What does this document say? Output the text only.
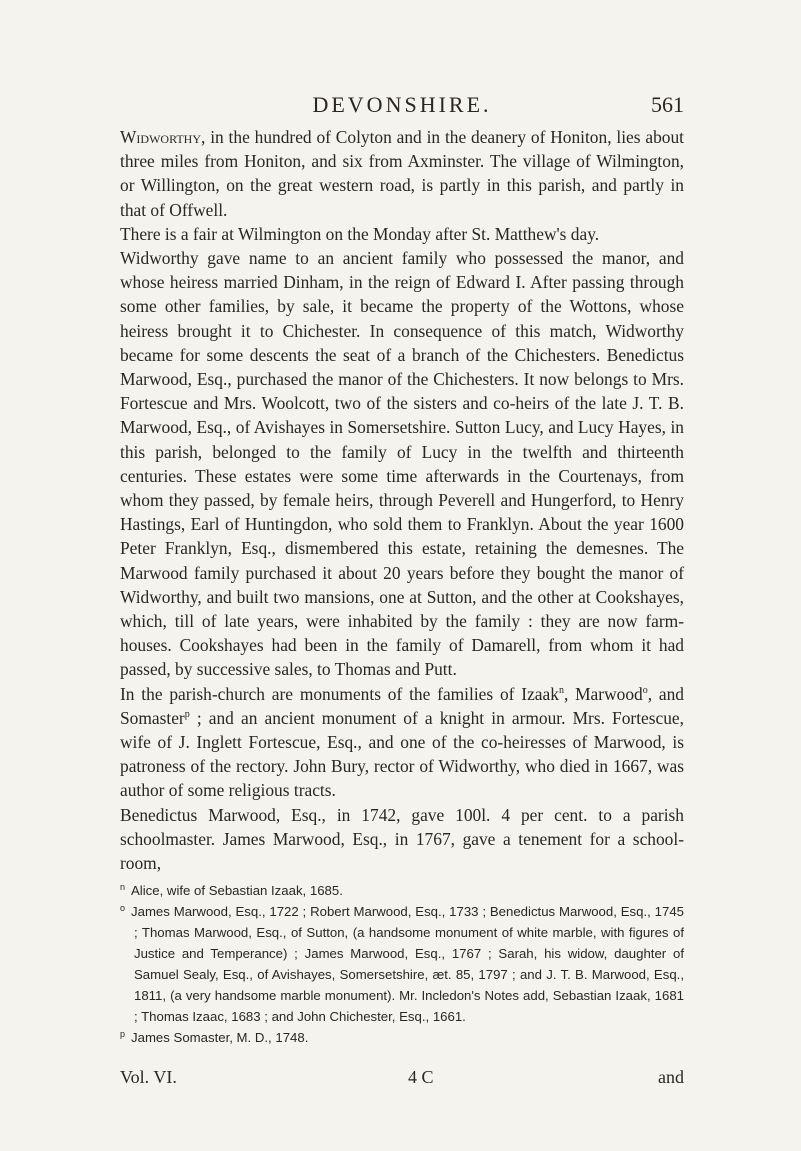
DEVONSHIRE.	561

Widworthy, in the hundred of Colyton and in the deanery of Honiton, lies about three miles from Honiton, and six from Axminster. The village of Wilmington, or Willington, on the great western road, is partly in this parish, and partly in that of Offwell.

There is a fair at Wilmington on the Monday after St. Matthew's day.

Widworthy gave name to an ancient family who possessed the manor, and whose heiress married Dinham, in the reign of Edward I. After passing through some other families, by sale, it became the property of the Wottons, whose heiress brought it to Chichester. In consequence of this match, Widworthy became for some descents the seat of a branch of the Chichesters. Benedictus Marwood, Esq., purchased the manor of the Chichesters. It now belongs to Mrs. Fortescue and Mrs. Woolcott, two of the sisters and co-heirs of the late J. T. B. Marwood, Esq., of Avishayes in Somersetshire. Sutton Lucy, and Lucy Hayes, in this parish, belonged to the family of Lucy in the twelfth and thirteenth centuries. These estates were some time afterwards in the Courtenays, from whom they passed, by female heirs, through Peverell and Hungerford, to Henry Hastings, Earl of Huntingdon, who sold them to Franklyn. About the year 1600 Peter Franklyn, Esq., dismembered this estate, retaining the demesnes. The Marwood family purchased it about 20 years before they bought the manor of Widworthy, and built two mansions, one at Sutton, and the other at Cookshayes, which, till of late years, were inhabited by the family : they are now farm-houses. Cookshayes had been in the family of Damarell, from whom it had passed, by successive sales, to Thomas and Putt.

In the parish-church are monuments of the families of Izaak$^n$, Marwood$^o$, and Somaster$^p$ ; and an ancient monument of a knight in armour. Mrs. Fortescue, wife of J. Inglett Fortescue, Esq., and one of the co-heiresses of Marwood, is patroness of the rectory. John Bury, rector of Widworthy, who died in 1667, was author of some religious tracts.

Benedictus Marwood, Esq., in 1742, gave 100l. 4 per cent. to a parish schoolmaster. James Marwood, Esq., in 1767, gave a tenement for a school-room,

$^n$ Alice, wife of Sebastian Izaak, 1685.

$^o$ James Marwood, Esq., 1722 ; Robert Marwood, Esq., 1733 ; Benedictus Marwood, Esq., 1745 ; Thomas Marwood, Esq., of Sutton, (a handsome monument of white marble, with figures of Justice and Temperance) ; James Marwood, Esq., 1767 ; Sarah, his widow, daughter of Samuel Sealy, Esq., of Avishayes, Somersetshire, æt. 85, 1797 ; and J. T. B. Marwood, Esq., 1811, (a very handsome marble monument). Mr. Incledon's Notes add, Sebastian Izaak, 1681 ; Thomas Izaac, 1683 ; and John Chichester, Esq., 1661.

$^p$ James Somaster, M. D., 1748.

Vol. VI.	4 C	and
